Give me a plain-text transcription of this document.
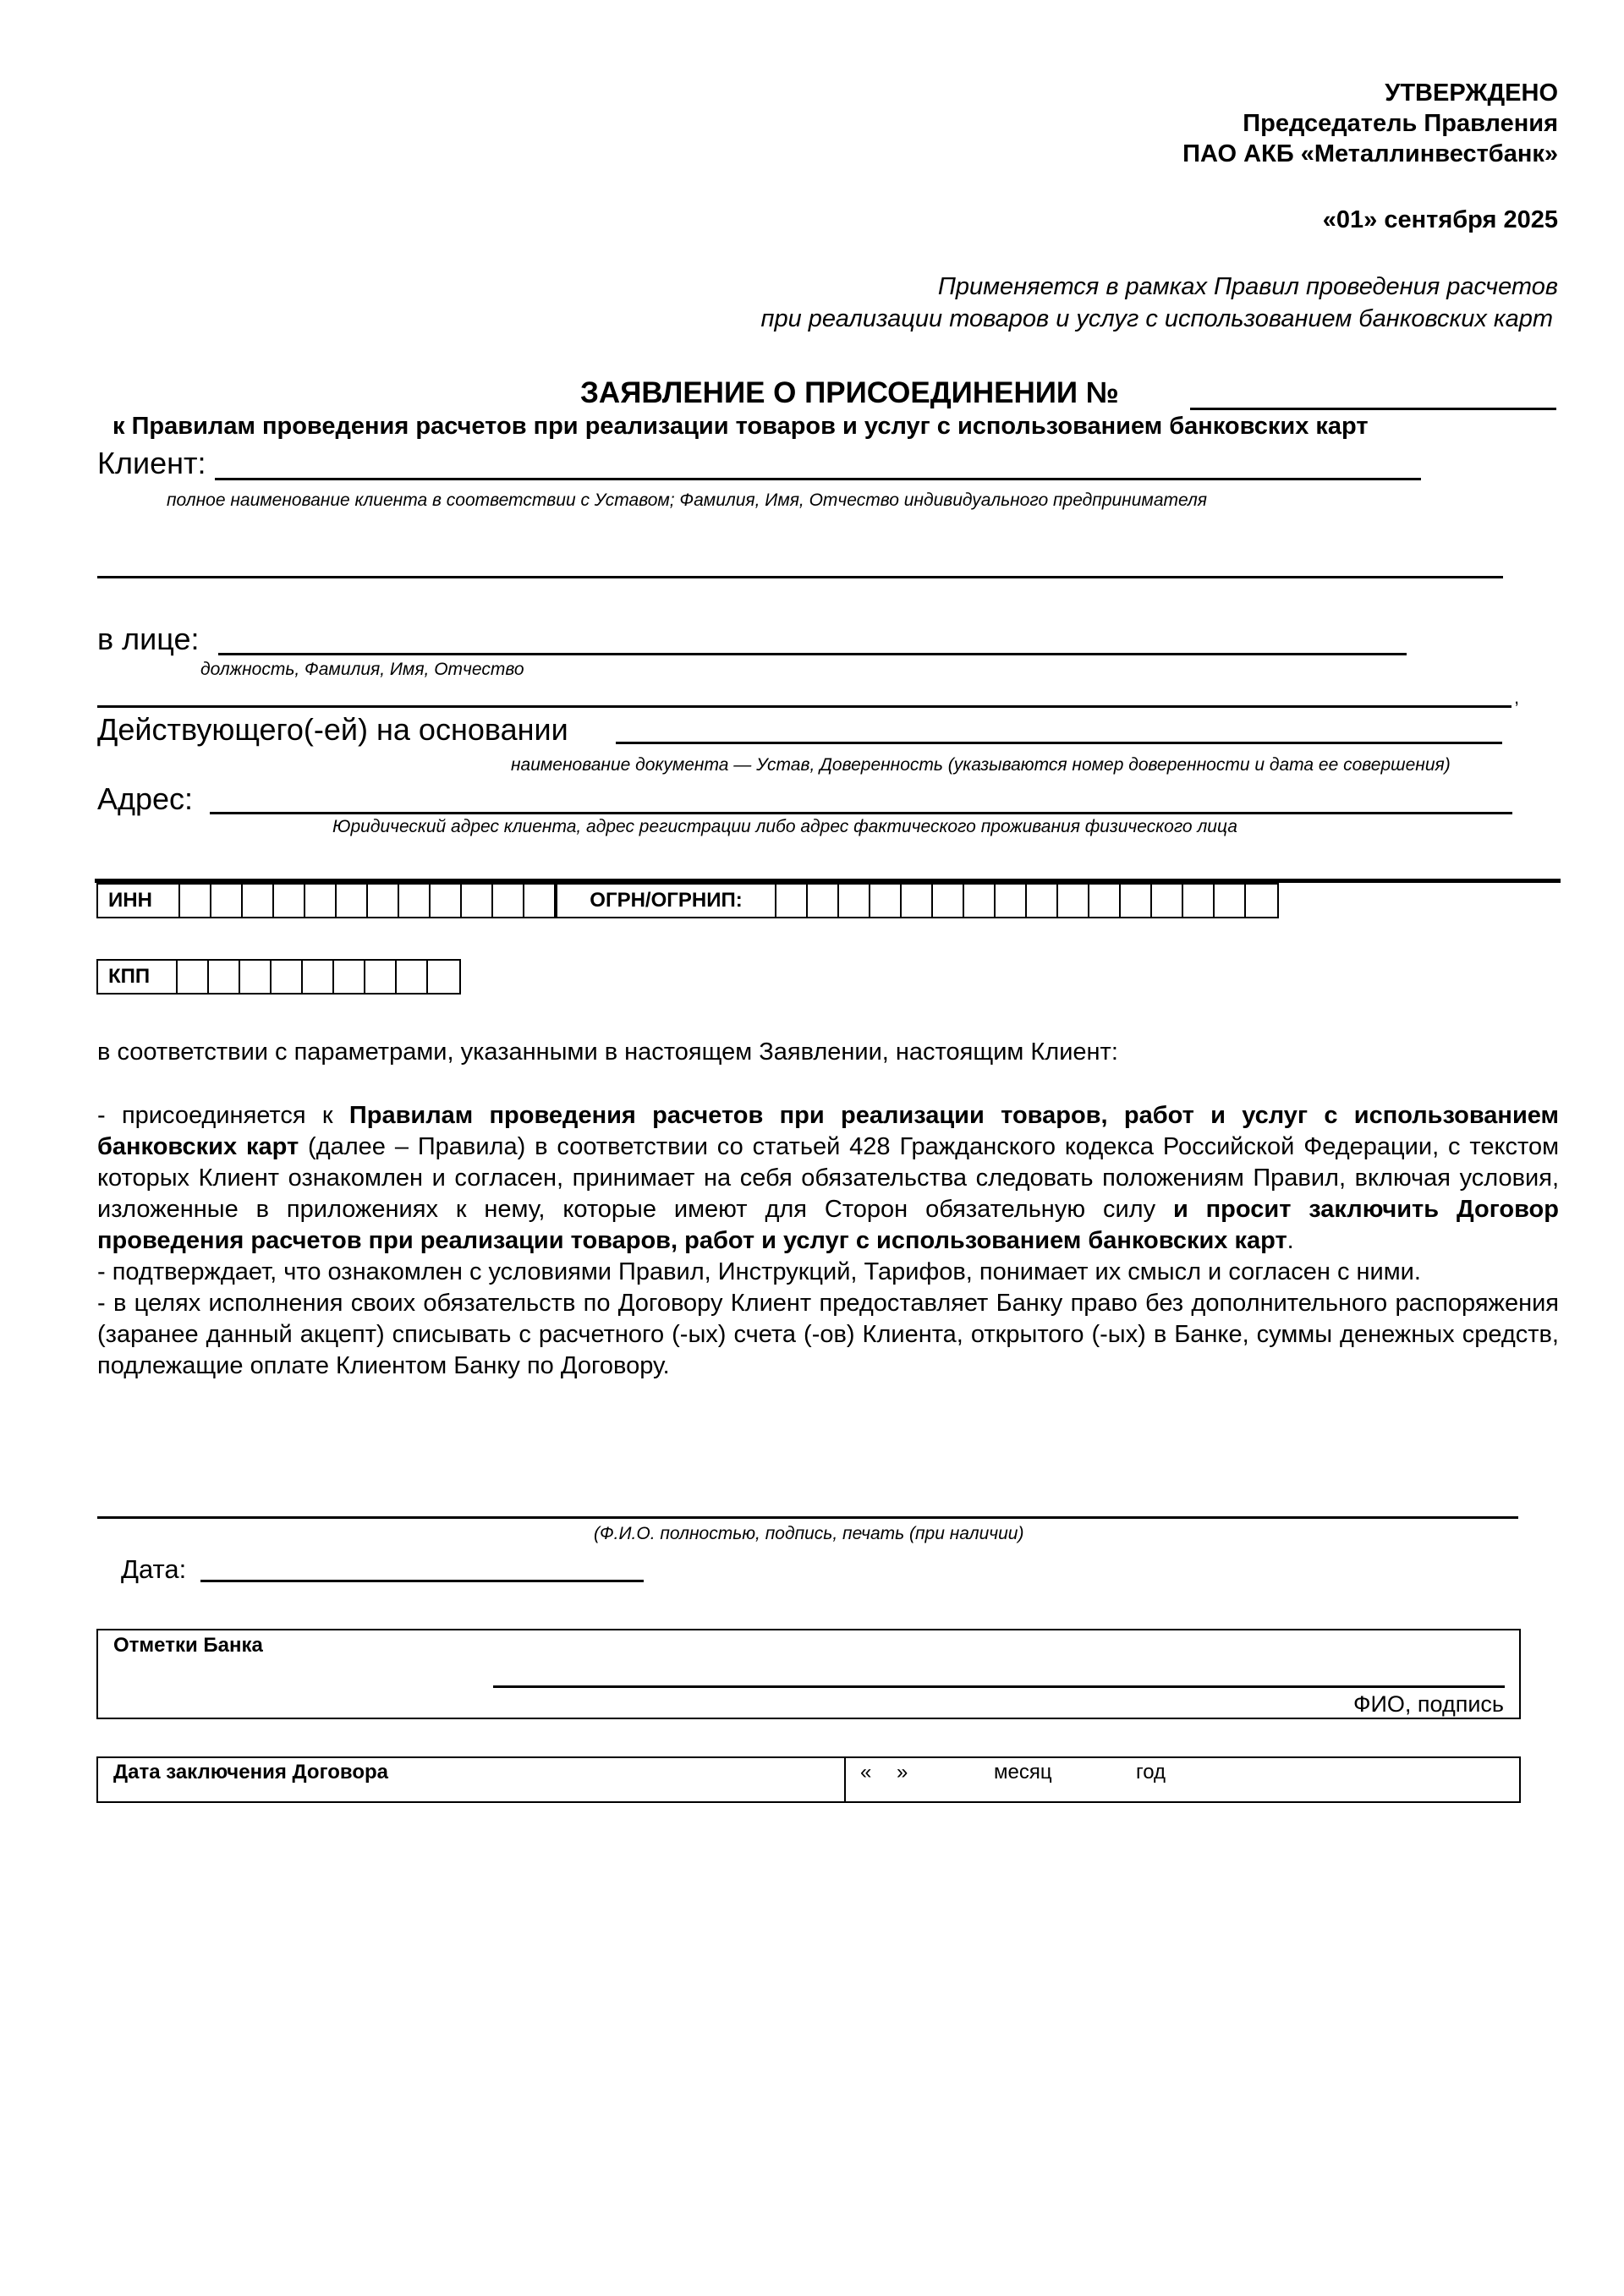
УТВЕРЖДЕНО
Председатель Правления
ПАО АКБ «Металлинвестбанк»
«01» сентября 2025
Применяется в рамках Правил проведения расчетов
при реализации товаров и услуг с использованием банковских карт
ЗАЯВЛЕНИЕ О ПРИСОЕДИНЕНИИ №
к Правилам проведения расчетов при реализации товаров и услуг с использованием банковских карт
Клиент:
полное наименование клиента в соответствии с Уставом; Фамилия, Имя, Отчество индивидуального предпринимателя
в лице:
должность, Фамилия, Имя, Отчество
,
Действующего(-ей) на основании
наименование документа — Устав, Доверенность (указываются номер доверенности и дата ее совершения)
Адрес:
Юридический адрес клиента, адрес регистрации либо адрес фактического проживания физического лица
ИНН	ОГРН/ОГРНИП:
КПП

в соответствии с параметрами, указанными в настоящем Заявлении, настоящим Клиент:

- присоединяется к Правилам проведения расчетов при реализации товаров, работ и услуг с использованием банковских карт (далее – Правила) в соответствии со статьей 428 Гражданского кодекса Российской Федерации, с текстом которых Клиент ознакомлен и согласен, принимает на себя обязательства следовать положениям Правил, включая условия, изложенные в приложениях к нему, которые имеют для Сторон обязательную силу и просит заключить Договор проведения расчетов при реализации товаров, работ и услуг с использованием банковских карт.

- подтверждает, что ознакомлен с условиями Правил, Инструкций, Тарифов, понимает их смысл и согласен с ними.

- в целях исполнения своих обязательств по Договору Клиент предоставляет Банку право без дополнительного распоряжения (заранее данный акцепт) списывать с расчетного (-ых) счета (-ов) Клиента, открытого (-ых) в Банке, суммы денежных средств, подлежащие оплате Клиентом Банку по Договору.

(Ф.И.О. полностью, подпись, печать (при наличии)
Дата:
Отметки Банка
ФИО, подпись
Дата заключения Договора	« »	месяц	год
